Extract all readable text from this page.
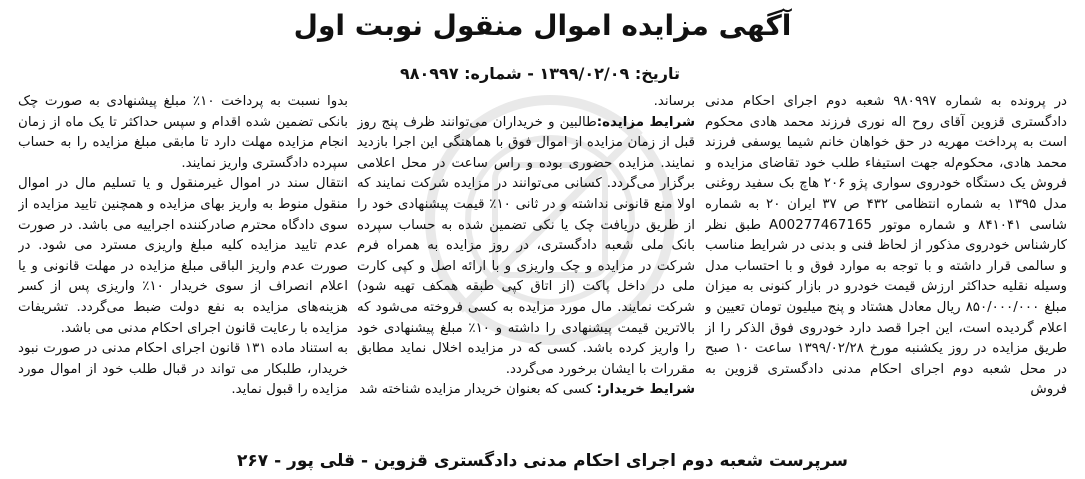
آگهی مزایده اموال منقول نوبت اول
تاریخ: ۱۳۹۹/۰۲/۰۹ - شماره: ۹۸۰۹۹۷

در پرونده به شماره ۹۸۰۹۹۷ شعبه دوم اجرای احکام مدنی دادگستری قزوین آقای روح اله نوری فرزند محمد هادی محکوم است به پرداخت مهریه در حق خواهان خانم شیما یوسفی فرزند محمد هادی، محکوم‌له جهت استیفاء طلب خود تقاضای مزایده و فروش یک دستگاه خودروی سواری پژو ۲۰۶ هاچ بک سفید روغنی مدل ۱۳۹۵ به شماره انتظامی ۴۳۲ ص ۳۷ ایران ۲۰ به شماره شاسی ۸۴۱۰۴۱ و شماره موتور A00277467165 طبق نظر کارشناس خودروی مذکور از لحاظ فنی و بدنی در شرایط مناسب و سالمی قرار داشته و با توجه به موارد فوق و با احتساب مدل وسیله نقلیه حداکثر ارزش قیمت خودرو در بازار کنونی به میزان مبلغ ۸۵۰/۰۰۰/۰۰۰ ریال معادل هشتاد و پنج میلیون تومان تعیین و اعلام گردیده است، این اجرا قصد دارد خودروی فوق الذکر را از طریق مزایده در روز یکشنبه مورخ ۱۳۹۹/۰۲/۲۸ ساعت ۱۰ صبح در محل شعبه دوم اجرای احکام مدنی دادگستری قزوین به فروش

برساند.

شرایط مزایده:طالبین و خریداران می‌توانند ظرف پنج روز قبل از زمان مزایده از اموال فوق با هماهنگی این اجرا بازدید نمایند. مزایده حضوری بوده و راس ساعت در محل اعلامی برگزار می‌گردد. کسانی می‌توانند در مزایده شرکت نمایند که اولا منع قانونی نداشته و در ثانی ۱۰٪ قیمت پیشنهادی خود را از طریق دریافت چک یا نکی تضمین شده به حساب سپرده بانک ملی شعبه دادگستری، در روز مزایده به همراه فرم شرکت در مزایده و چک واریزی و با ارائه اصل و کپی کارت ملی در داخل پاکت (از اتاق کپی طبقه همکف تهیه شود) شرکت نمایند. مال مورد مزایده به کسی فروخته می‌شود که بالاترین قیمت پیشنهادی را داشته و ۱۰٪ مبلغ پیشنهادی خود را واریز کرده باشد. کسی که در مزایده اخلال نماید مطابق مقررات با ایشان برخورد می‌گردد.

شرایط خریدار: کسی که بعنوان خریدار مزایده شناخته شد

بدوا نسبت به پرداخت ۱۰٪ مبلغ پیشنهادی به صورت چک بانکی تضمین شده اقدام و سپس حداکثر تا یک ماه از زمان انجام مزایده مهلت دارد تا مابقی مبلغ مزایده را به حساب سپرده دادگستری واریز نمایند.

انتقال سند در اموال غیرمنقول و یا تسلیم مال در اموال منقول منوط به واریز بهای مزایده و همچنین تایید مزایده از سوی دادگاه محترم صادرکننده اجراییه می باشد. در صورت عدم تایید مزایده کلیه مبلغ واریزی مسترد می شود. در صورت عدم واریز الباقی مبلغ مزایده در مهلت قانونی و یا اعلام انصراف از سوی خریدار ۱۰٪ واریزی پس از کسر هزینه‌های مزایده به نفع دولت ضبط می‌گردد. تشریفات مزایده با رعایت قانون اجرای احکام مدنی می باشد.

به استناد ماده ۱۳۱ قانون اجرای احکام مدنی در صورت نبود خریدار، طلبکار می تواند در قبال طلب خود از اموال مورد مزایده را قبول نماید.

سرپرست شعبه دوم اجرای احکام مدنی دادگستری قزوین - قلی پور - ۲۶۷
